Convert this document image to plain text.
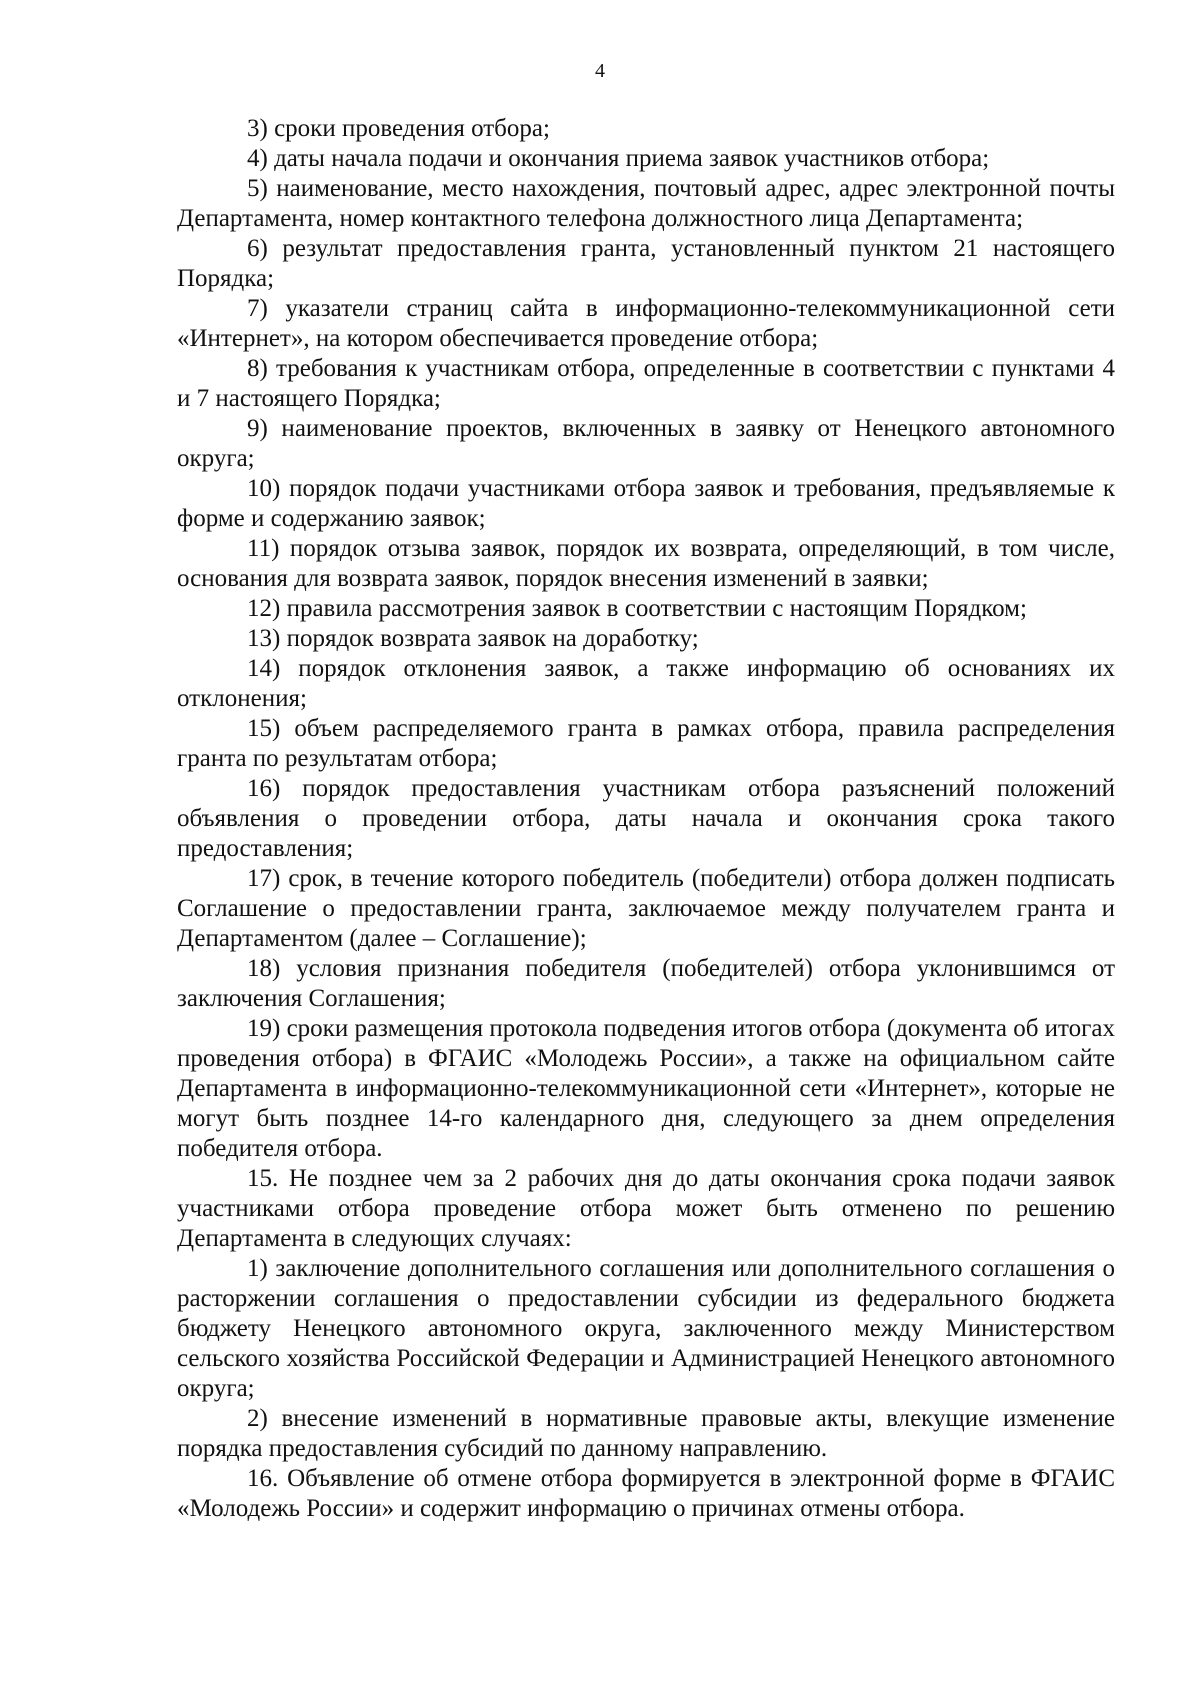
4

3) сроки проведения отбора;

4) даты начала подачи и окончания приема заявок участников отбора;

5) наименование, место нахождения, почтовый адрес, адрес электронной почты Департамента, номер контактного телефона должностного лица Департамента;

6) результат предоставления гранта, установленный пунктом 21 настоящего Порядка;

7) указатели страниц сайта в информационно-телекоммуникационной сети «Интернет», на котором обеспечивается проведение отбора;

8) требования к участникам отбора, определенные в соответствии с пунктами 4 и 7 настоящего Порядка;

9) наименование проектов, включенных в заявку от Ненецкого автономного округа;

10) порядок подачи участниками отбора заявок и требования, предъявляемые к форме и содержанию заявок;

11) порядок отзыва заявок, порядок их возврата, определяющий, в том числе, основания для возврата заявок, порядок внесения изменений в заявки;

12) правила рассмотрения заявок в соответствии с настоящим Порядком;

13) порядок возврата заявок на доработку;

14) порядок отклонения заявок, а также информацию об основаниях их отклонения;

15) объем распределяемого гранта в рамках отбора, правила распределения гранта по результатам отбора;

16) порядок предоставления участникам отбора разъяснений положений объявления о проведении отбора, даты начала и окончания срока такого предоставления;

17) срок, в течение которого победитель (победители) отбора должен подписать Соглашение о предоставлении гранта, заключаемое между получателем гранта и Департаментом (далее – Соглашение);

18) условия признания победителя (победителей) отбора уклонившимся от заключения Соглашения;

19) сроки размещения протокола подведения итогов отбора (документа об итогах проведения отбора) в ФГАИС «Молодежь России», а также на официальном сайте Департамента в информационно-телекоммуникационной сети «Интернет», которые не могут быть позднее 14-го календарного дня, следующего за днем определения победителя отбора.

15. Не позднее чем за 2 рабочих дня до даты окончания срока подачи заявок участниками отбора проведение отбора может быть отменено по решению Департамента в следующих случаях:

1) заключение дополнительного соглашения или дополнительного соглашения о расторжении соглашения о предоставлении субсидии из федерального бюджета бюджету Ненецкого автономного округа, заключенного между Министерством сельского хозяйства Российской Федерации и Администрацией Ненецкого автономного округа;

2) внесение изменений в нормативные правовые акты, влекущие изменение порядка предоставления субсидий по данному направлению.

16. Объявление об отмене отбора формируется в электронной форме в ФГАИС «Молодежь России» и содержит информацию о причинах отмены отбора.
